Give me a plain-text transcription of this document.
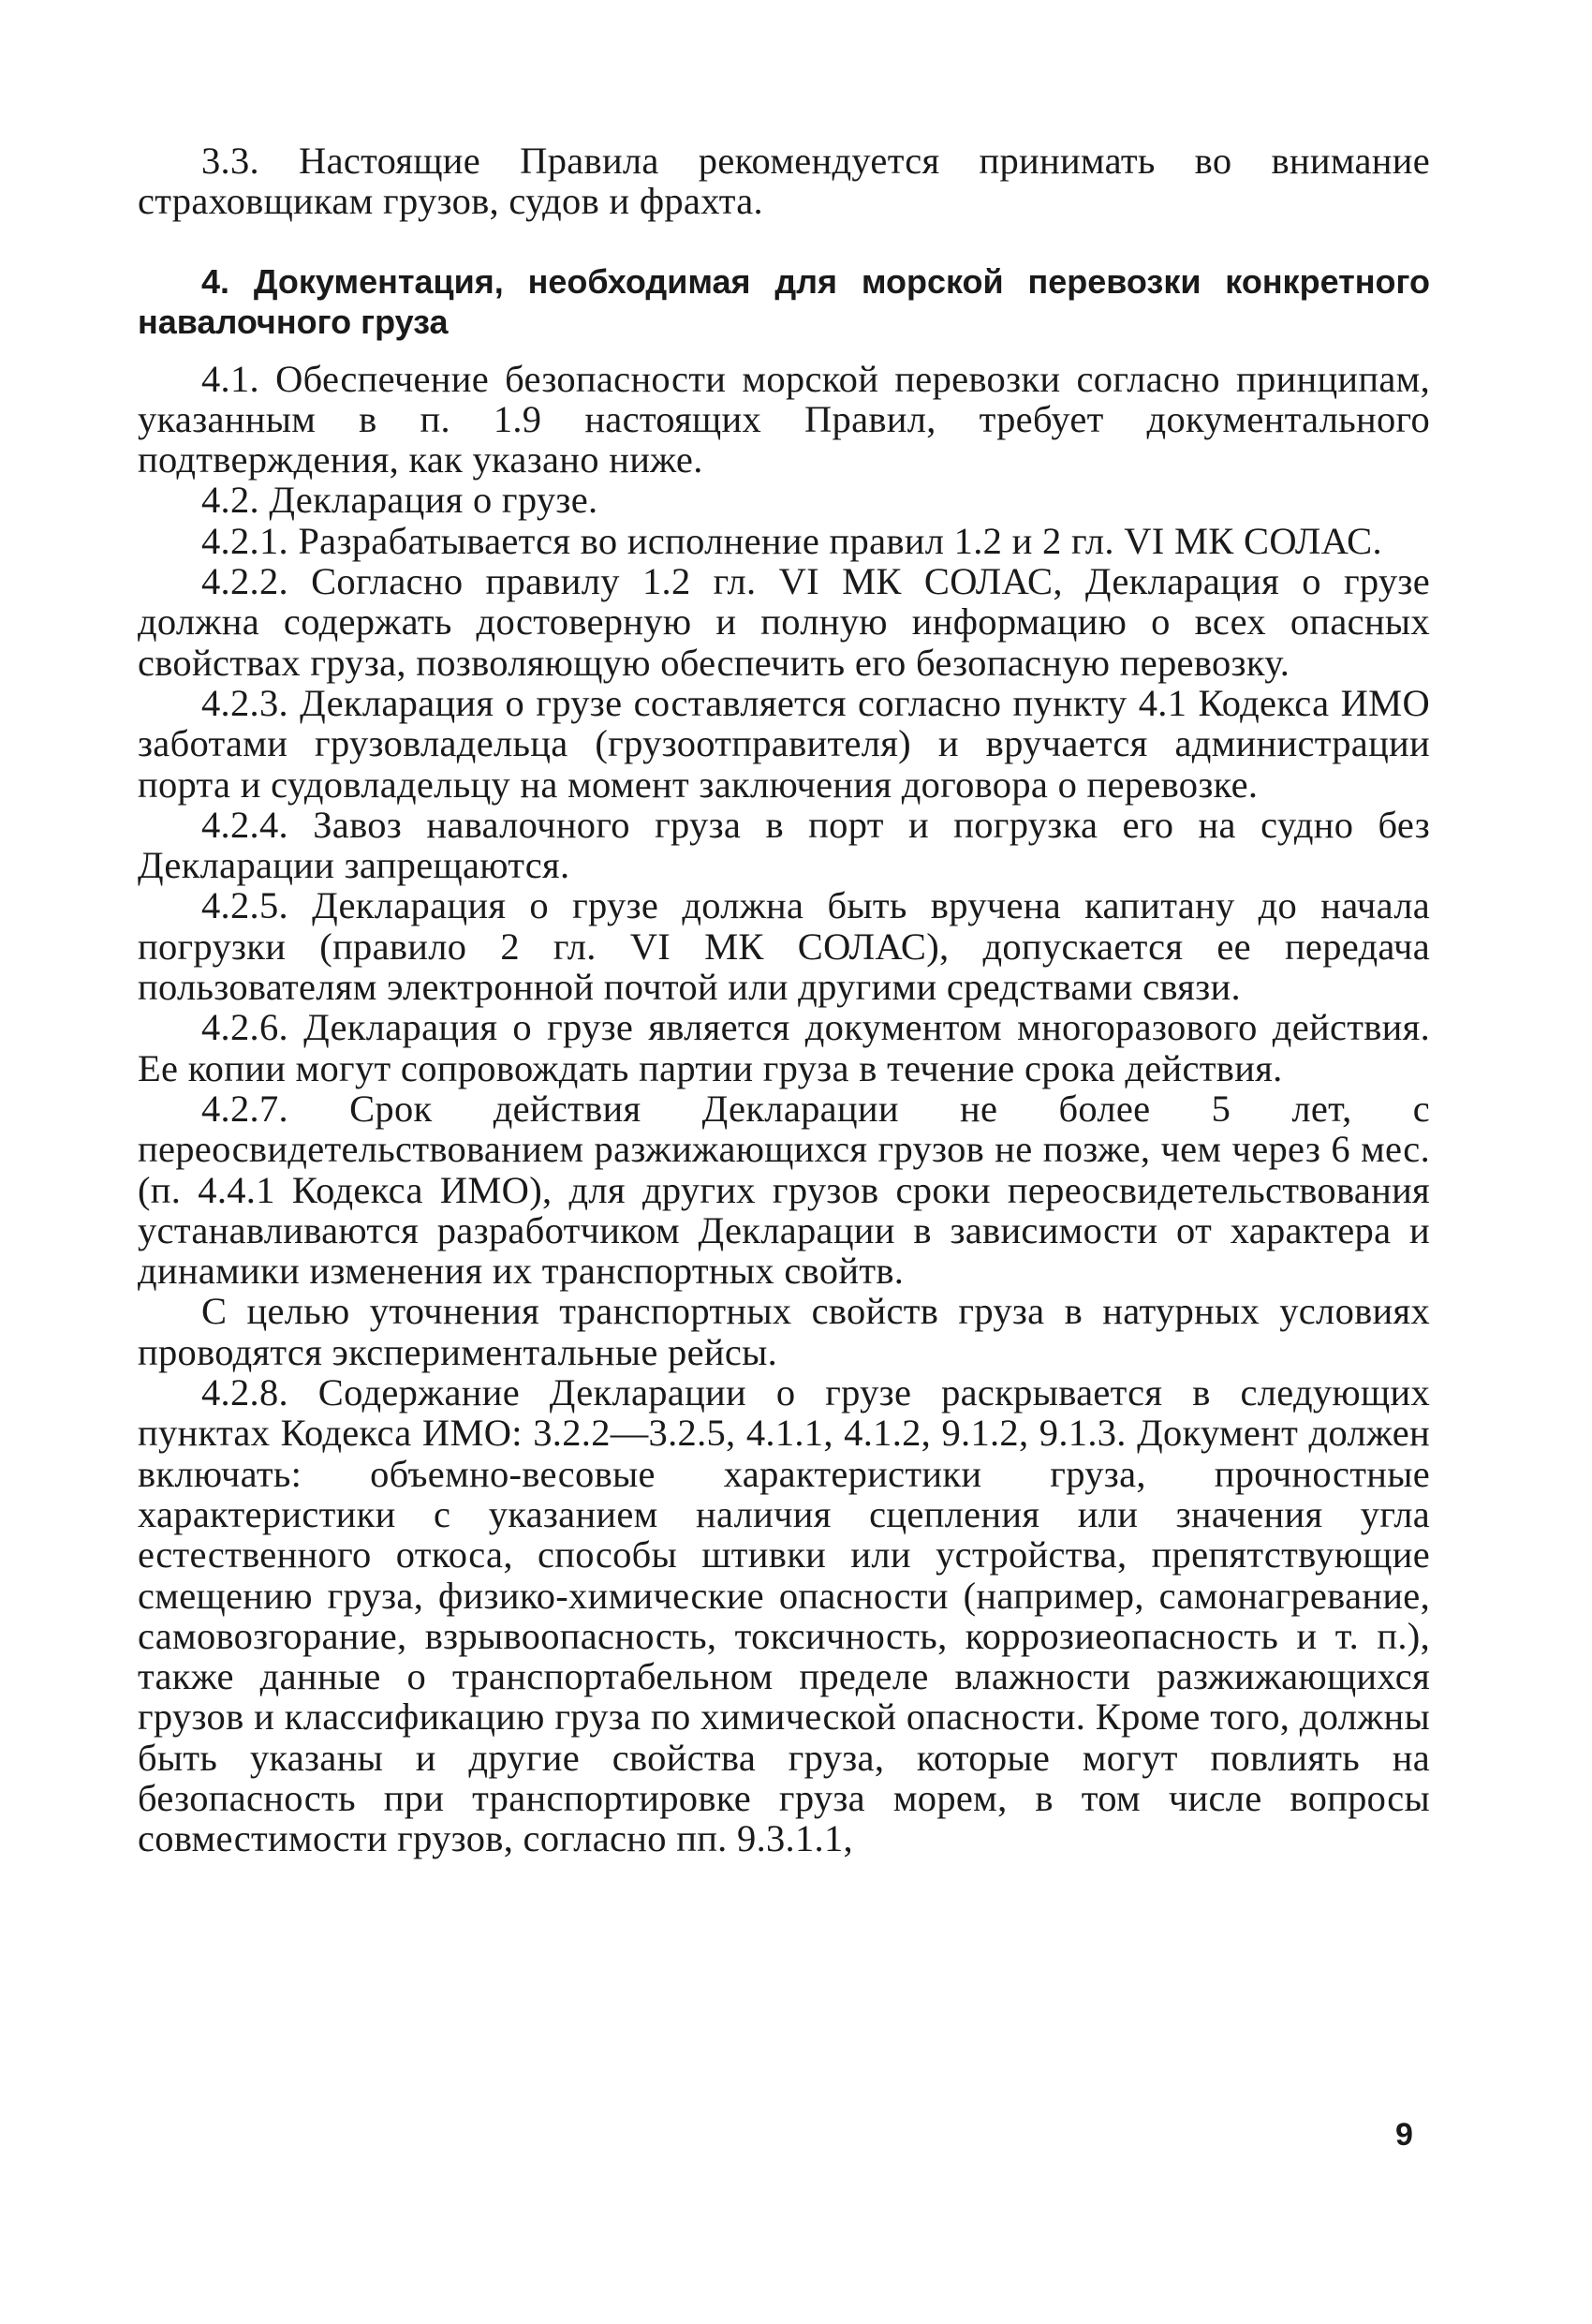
3.3. Настоящие Правила рекомендуется принимать во внимание страховщикам грузов, судов и фрахта.

4. Документация, необходимая для морской перевозки конкретного навалочного груза

4.1. Обеспечение безопасности морской перевозки согласно принципам, указанным в п. 1.9 настоящих Правил, требует документального подтверждения, как указано ниже.

4.2. Декларация о грузе.

4.2.1. Разрабатывается во исполнение правил 1.2 и 2 гл. VI МК СОЛАС.

4.2.2. Согласно правилу 1.2 гл. VI МК СОЛАС, Декларация о грузе должна содержать достоверную и полную информацию о всех опасных свойствах груза, позволяющую обеспечить его безопасную перевозку.

4.2.3. Декларация о грузе составляется согласно пункту 4.1 Кодекса ИМО заботами грузовладельца (грузоотправителя) и вручается администрации порта и судовладельцу на момент заключения договора о перевозке.

4.2.4. Завоз навалочного груза в порт и погрузка его на судно без Декларации запрещаются.

4.2.5. Декларация о грузе должна быть вручена капитану до начала погрузки (правило 2 гл. VI МК СОЛАС), допускается ее передача пользователям электронной почтой или другими средствами связи.

4.2.6. Декларация о грузе является документом многоразового действия. Ее копии могут сопровождать партии груза в течение срока действия.

4.2.7. Срок действия Декларации не более 5 лет, с переосвидетельствованием разжижающихся грузов не позже, чем через 6 мес. (п. 4.4.1 Кодекса ИМО), для других грузов сроки переосвидетельствования устанавливаются разработчиком Декларации в зависимости от характера и динамики изменения их транспортных свойтв.

С целью уточнения транспортных свойств груза в натурных условиях проводятся экспериментальные рейсы.

4.2.8. Содержание Декларации о грузе раскрывается в следующих пунктах Кодекса ИМО: 3.2.2—3.2.5, 4.1.1, 4.1.2, 9.1.2, 9.1.3. Документ должен включать: объемно-весовые характеристики груза, прочностные характеристики с указанием наличия сцепления или значения угла естественного откоса, способы штивки или устройства, препятствующие смещению груза, физико-химические опасности (например, самонагревание, самовозгорание, взрывоопасность, токсичность, коррозиеопасность и т. п.), также данные о транспортабельном пределе влажности разжижающихся грузов и классификацию груза по химической опасности. Кроме того, должны быть указаны и другие свойства груза, которые могут повлиять на безопасность при транспортировке груза морем, в том числе вопросы совместимости грузов, согласно пп. 9.3.1.1,

9
